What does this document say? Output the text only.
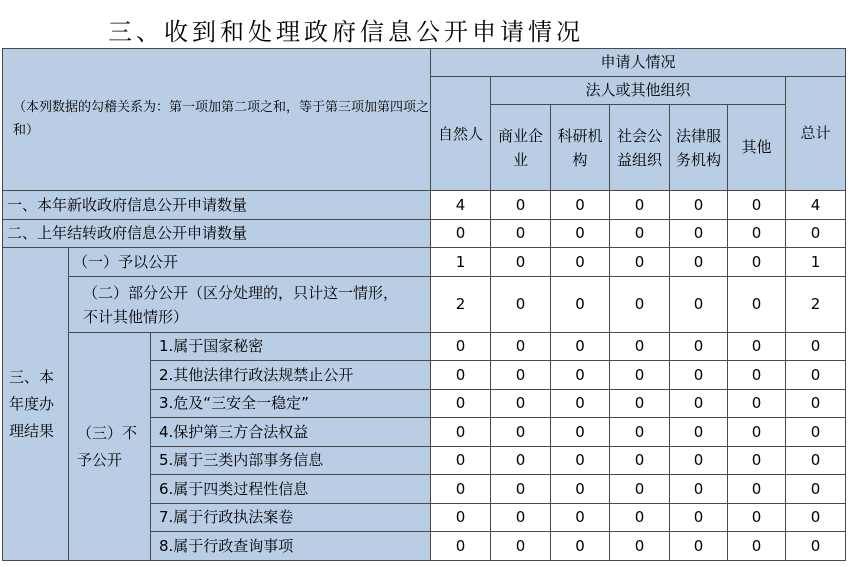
三、收到和处理政府信息公开申请情况
（本列数据的勾稽关系为：第一项加第二项之和，等于第三项加第四项之和）			申请人情况						
			自然人	法人或其他组织					总计
				商业企业	科研机构	社会公益组织	法律服务机构	其他	
一、本年新收政府信息公开申请数量			4	0	0	0	0	0	4
二、上年结转政府信息公开申请数量			0	0	0	0	0	0	0
三、本年度办理结果	（一）予以公开		1	0	0	0	0	0	1
	（二）部分公开（区分处理的，只计这一情形，不计其他情形）		2	0	0	0	0	0	2
	（三）不予公开	1.属于国家秘密	0	0	0	0	0	0	0
		2.其他法律行政法规禁止公开	0	0	0	0	0	0	0
		3.危及“三安全一稳定”	0	0	0	0	0	0	0
		4.保护第三方合法权益	0	0	0	0	0	0	0
		5.属于三类内部事务信息	0	0	0	0	0	0	0
		6.属于四类过程性信息	0	0	0	0	0	0	0
		7.属于行政执法案卷	0	0	0	0	0	0	0
		8.属于行政查询事项	0	0	0	0	0	0	0
